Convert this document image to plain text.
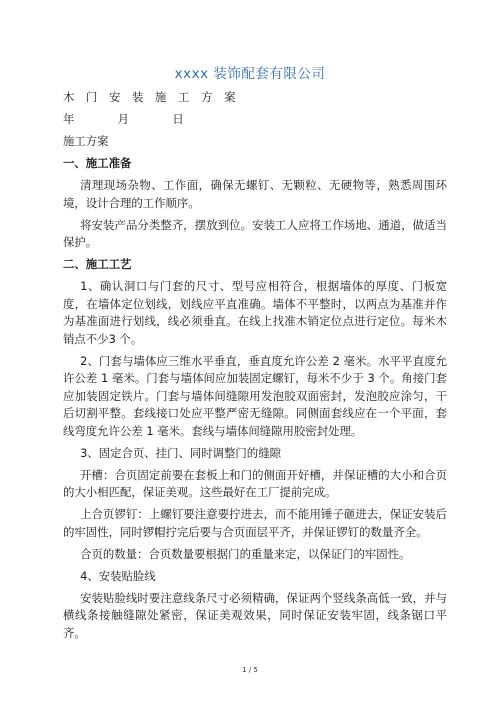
xxxx 装饰配套有限公司

木 门 安 装 施 工 方 案

年	月	日

施工方案

一、施工准备

清理现场杂物、工作面，确保无螺钉、无颗粒、无硬物等，熟悉周围环境，设计合理的工作顺序。

将安装产品分类整齐，摆放到位。安装工人应将工作场地、通道，做适当保护。

二、施工工艺

1、确认洞口与门套的尺寸、型号应相符合，根据墙体的厚度、门板宽度，在墙体定位划线，划线应平直准确。墙体不平整时，以两点为基准并作为基准面进行划线，线必须垂直。在线上找准木销定位点进行定位。每米木销点不少3 个。

2、门套与墙体应三维水平垂直，垂直度允许公差 2 毫米。水平平直度允许公差 1 毫米。门套与墙体间应加装固定螺钉，每米不少于 3 个。角接门套应加装固定铁片。门套与墙体间缝隙用发泡胶双面密封，发泡胶应涂匀，干后切割平整。套线接口处应平整严密无缝隙。同侧面套线应在一个平面，套线弯度允许公差 1 毫米。套线与墙体间缝隙用胶密封处理。

3、固定合页、挂门、同时调整门的缝隙

开槽：合页固定前要在套板上和门的侧面开好槽，并保证槽的大小和合页的大小相匹配，保证美观。这些最好在工厂提前完成。

上合页锣钉：上螺钉要注意要拧进去，而不能用锤子砸进去，保证安装后的牢固性，同时锣帽拧完后要与合页面层平齐，并保证锣钉的数量齐全。

合页的数量：合页数量要根据门的重量来定，以保证门的牢固性。

4、安装贴脸线

安装贴脸线时要注意线条尺寸必须精确，保证两个竖线条高低一致，并与横线条接触缝隙处紧密，保证美观效果，同时保证安装牢固，线条锯口平齐。

1 / 5
